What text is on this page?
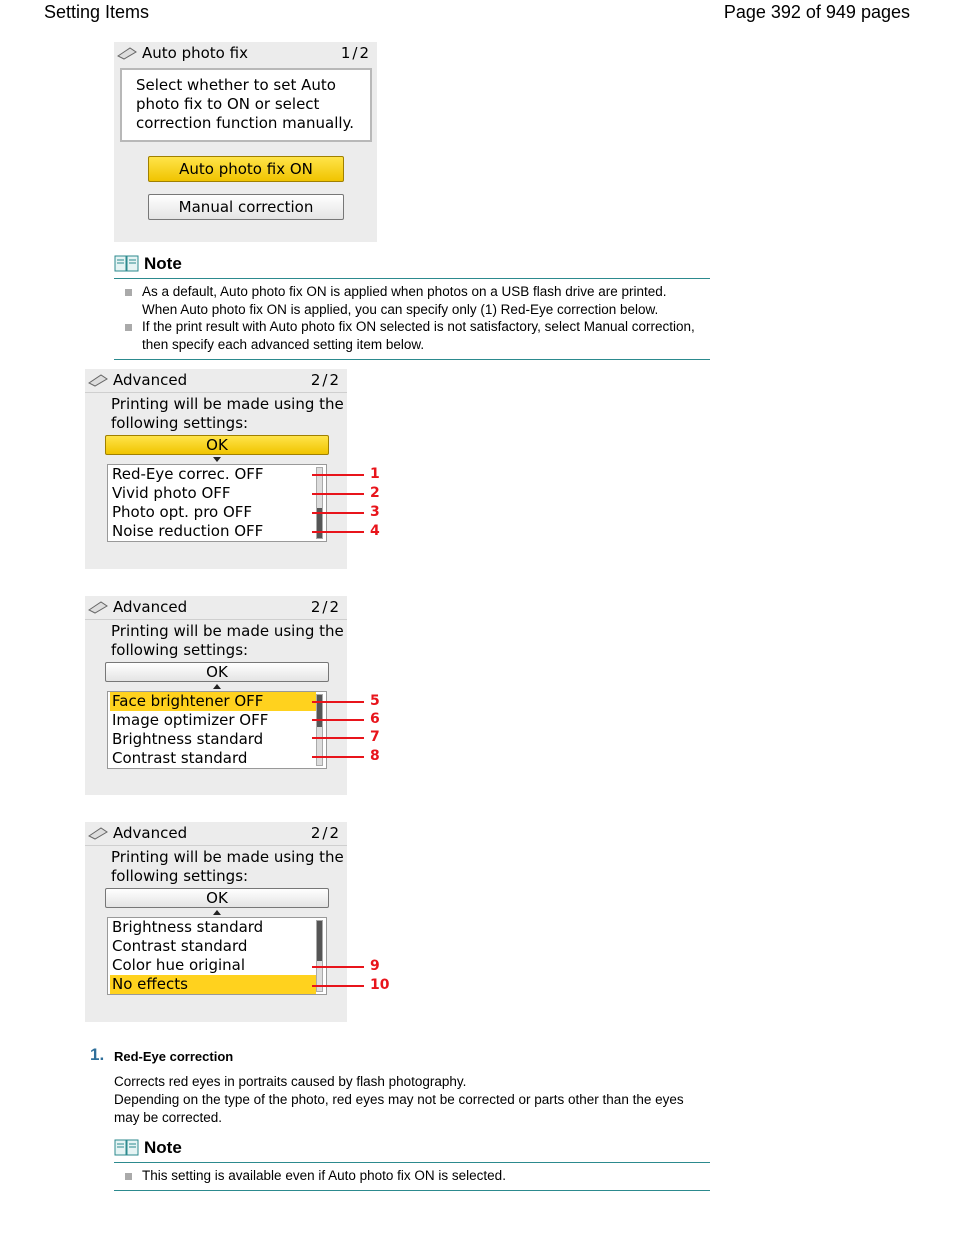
Setting Items	Page 392 of 949 pages
Auto photo fix	1/2
Select whether to set Auto photo fix to ON or select correction function manually.
Auto photo fix ON
Manual correction
Note
As a default, Auto photo fix ON is applied when photos on a USB flash drive are printed. When Auto photo fix ON is applied, you can specify only (1) Red-Eye correction below.
If the print result with Auto photo fix ON selected is not satisfactory, select Manual correction, then specify each advanced setting item below.
Advanced	2/2
Printing will be made using the
following settings:
OK
Red-Eye correc. OFF
Vivid photo OFF
Photo opt. pro OFF
Noise reduction OFF
1
2
3
4
Advanced	2/2
Printing will be made using the
following settings:
OK
Face brightener OFF
Image optimizer OFF
Brightness standard
Contrast standard
5
6
7
8
Advanced	2/2
Printing will be made using the
following settings:
OK
Brightness standard
Contrast standard
Color hue original
No effects
9
10
1. Red-Eye correction
Corrects red eyes in portraits caused by flash photography.
Depending on the type of the photo, red eyes may not be corrected or parts other than the eyes may be corrected.
Note
This setting is available even if Auto photo fix ON is selected.
